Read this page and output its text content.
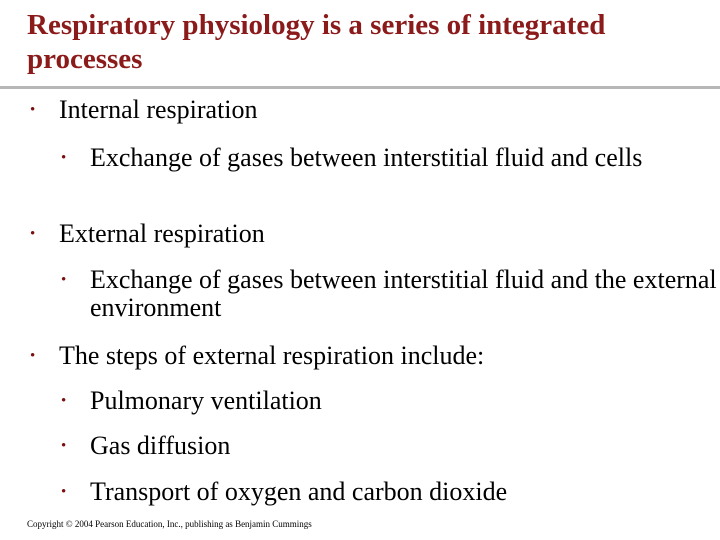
Respiratory physiology is a series of integrated processes

• Internal respiration

• Exchange of gases between interstitial fluid and cells

• External respiration

• Exchange of gases between interstitial fluid and the external environment

• The steps of external respiration include:

• Pulmonary ventilation

• Gas diffusion

• Transport of oxygen and carbon dioxide

Copyright © 2004 Pearson Education, Inc., publishing as Benjamin Cummings
